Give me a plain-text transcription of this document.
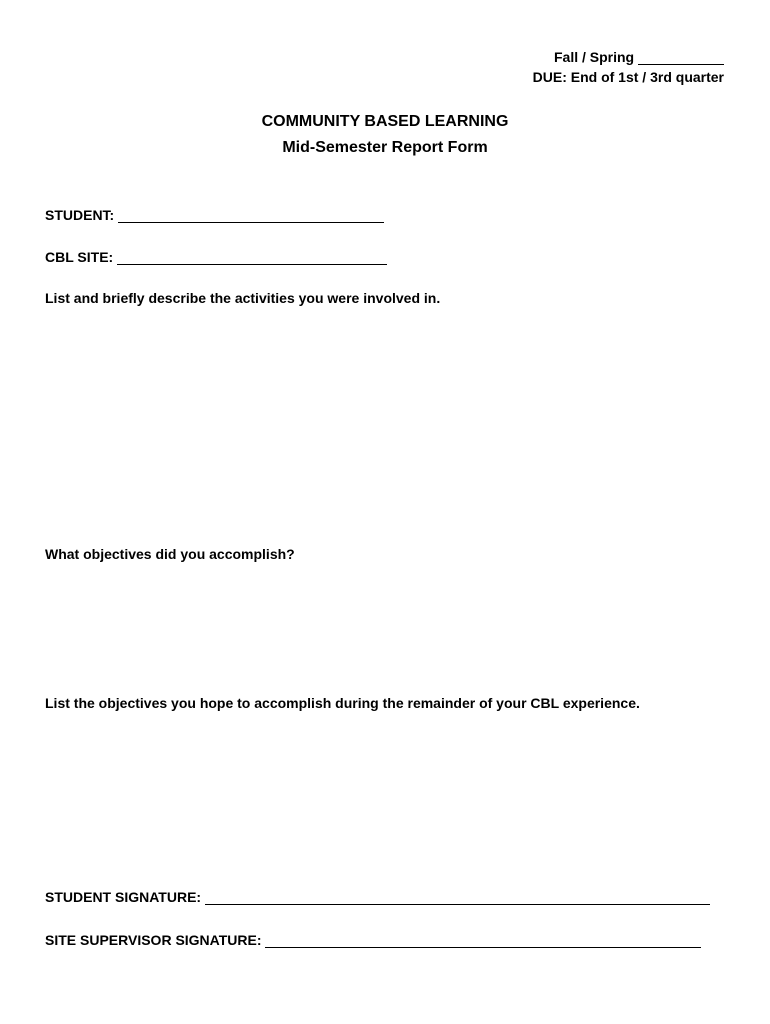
Fall / Spring
DUE: End of 1st / 3rd quarter
COMMUNITY BASED LEARNING
Mid-Semester Report Form
STUDENT:
CBL SITE:
List and briefly describe the activities you were involved in.
What objectives did you accomplish?
List the objectives you hope to accomplish during the remainder of your CBL experience.
STUDENT SIGNATURE:
SITE SUPERVISOR SIGNATURE:
